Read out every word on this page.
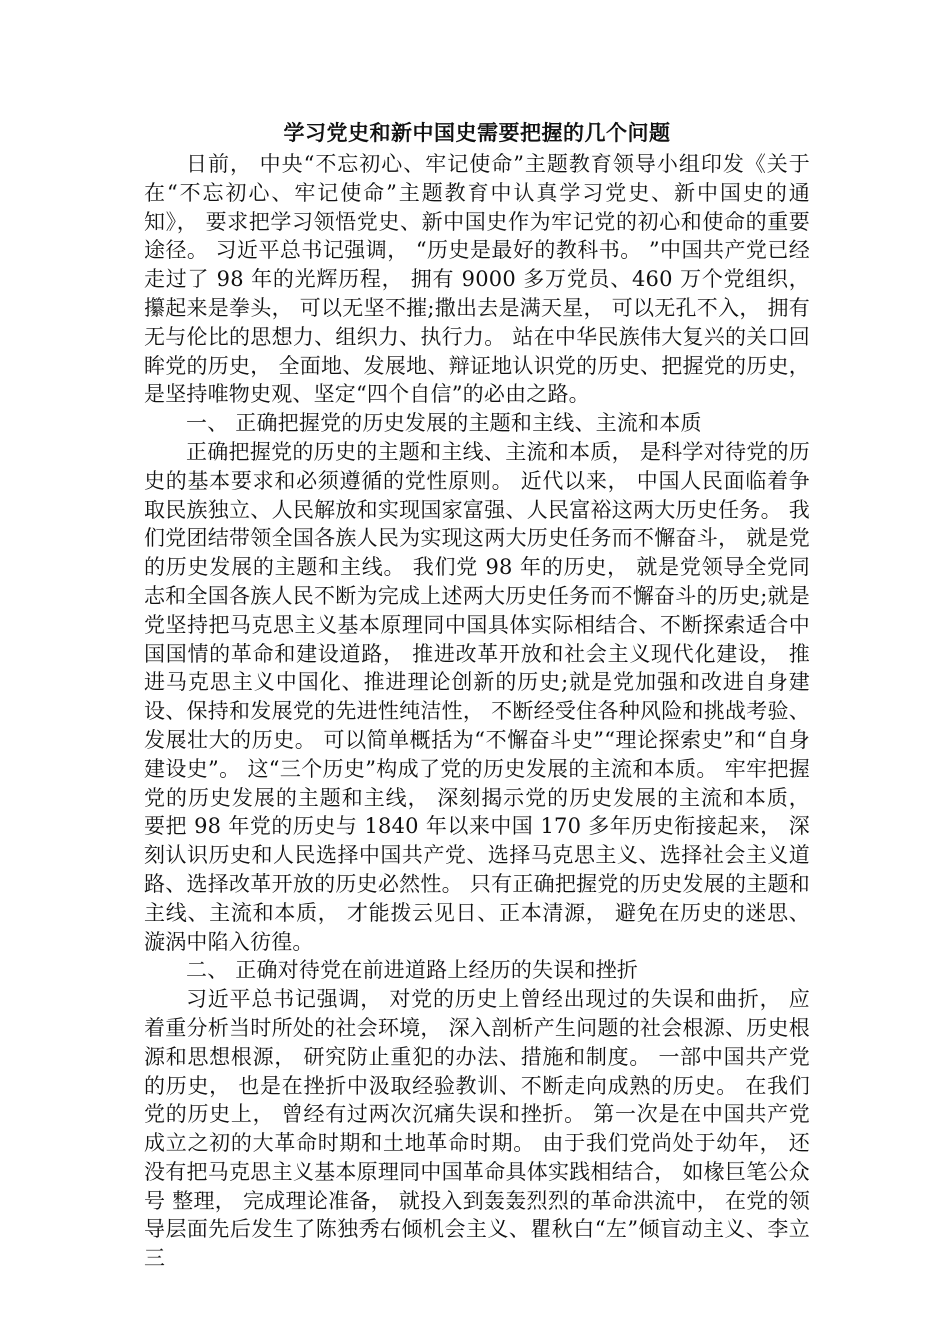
学习党史和新中国史需要把握的几个问题

日前， 中央“不忘初心、牢记使命”主题教育领导小组印发《关于在“不忘初心、牢记使命”主题教育中认真学习党史、新中国史的通知》， 要求把学习领悟党史、新中国史作为牢记党的初心和使命的重要途径。 习近平总书记强调， “历史是最好的教科书。 ”中国共产党已经走过了 98 年的光辉历程， 拥有 9000 多万党员、460 万个党组织， 攥起来是拳头， 可以无坚不摧;撒出去是满天星， 可以无孔不入， 拥有无与伦比的思想力、组织力、执行力。 站在中华民族伟大复兴的关口回眸党的历史， 全面地、发展地、辩证地认识党的历史、把握党的历史， 是坚持唯物史观、坚定“四个自信”的必由之路。

一、 正确把握党的历史发展的主题和主线、主流和本质

正确把握党的历史的主题和主线、主流和本质， 是科学对待党的历史的基本要求和必须遵循的党性原则。 近代以来， 中国人民面临着争取民族独立、人民解放和实现国家富强、人民富裕这两大历史任务。 我们党团结带领全国各族人民为实现这两大历史任务而不懈奋斗， 就是党的历史发展的主题和主线。 我们党 98 年的历史， 就是党领导全党同志和全国各族人民不断为完成上述两大历史任务而不懈奋斗的历史;就是党坚持把马克思主义基本原理同中国具体实际相结合、不断探索适合中国国情的革命和建设道路， 推进改革开放和社会主义现代化建设， 推进马克思主义中国化、推进理论创新的历史;就是党加强和改进自身建设、保持和发展党的先进性纯洁性， 不断经受住各种风险和挑战考验、发展壮大的历史。 可以简单概括为“不懈奋斗史”“理论探索史”和“自身建设史”。 这“三个历史”构成了党的历史发展的主流和本质。 牢牢把握党的历史发展的主题和主线， 深刻揭示党的历史发展的主流和本质， 要把 98 年党的历史与 1840 年以来中国 170 多年历史衔接起来， 深刻认识历史和人民选择中国共产党、选择马克思主义、选择社会主义道路、选择改革开放的历史必然性。 只有正确把握党的历史发展的主题和主线、主流和本质， 才能拨云见日、正本清源， 避免在历史的迷思、漩涡中陷入彷徨。

二、 正确对待党在前进道路上经历的失误和挫折

习近平总书记强调， 对党的历史上曾经出现过的失误和曲折， 应着重分析当时所处的社会环境， 深入剖析产生问题的社会根源、历史根源和思想根源， 研究防止重犯的办法、措施和制度。 一部中国共产党的历史， 也是在挫折中汲取经验教训、不断走向成熟的历史。 在我们党的历史上， 曾经有过两次沉痛失误和挫折。 第一次是在中国共产党成立之初的大革命时期和土地革命时期。 由于我们党尚处于幼年， 还没有把马克思主义基本原理同中国革命具体实践相结合， 如椽巨笔公众号 整理， 完成理论准备， 就投入到轰轰烈烈的革命洪流中， 在党的领导层面先后发生了陈独秀右倾机会主义、瞿秋白“左”倾盲动主义、李立三
